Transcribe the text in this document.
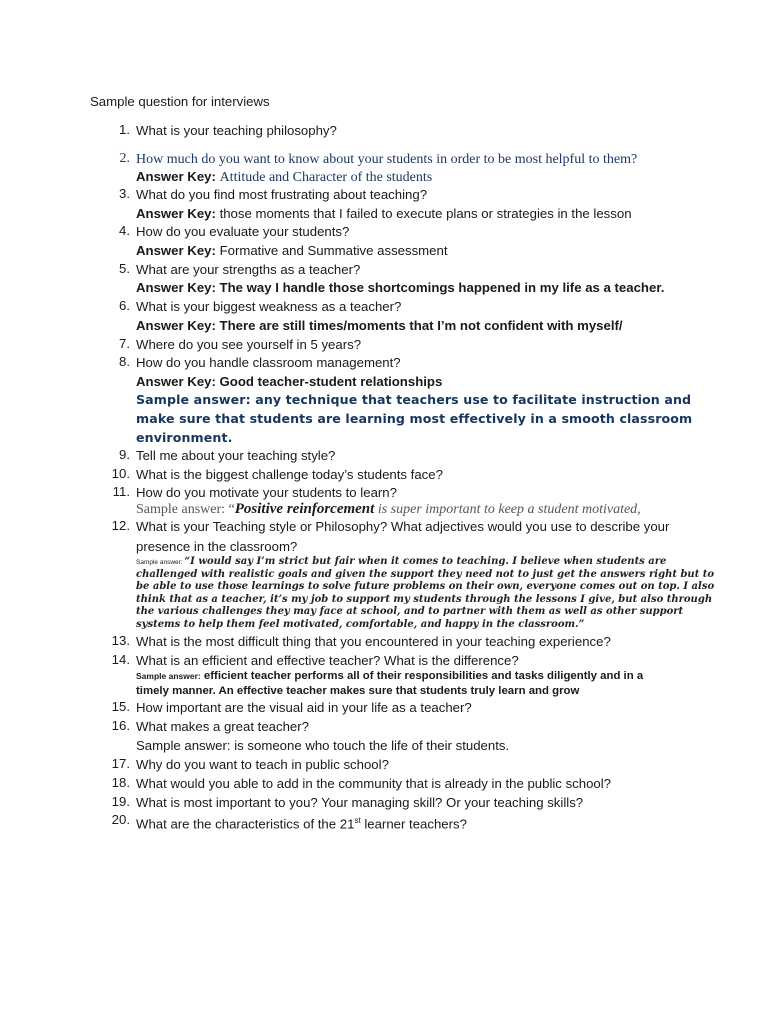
Sample question for interviews
1. What is your teaching philosophy?
2. How much do you want to know about your students in order to be most helpful to them?
Answer Key: Attitude and Character of the students
3. What do you find most frustrating about teaching?
Answer Key: those moments that I failed to execute plans or strategies in the lesson
4. How do you evaluate your students?
Answer Key: Formative and Summative assessment
5. What are your strengths as a teacher?
Answer Key: The way I handle those shortcomings happened in my life as a teacher.
6. What is your biggest weakness as a teacher?
Answer Key: There are still times/moments that I’m not confident with myself/
7. Where do you see yourself in 5 years?
8. How do you handle classroom management?
Answer Key: Good teacher-student relationships
Sample answer: any technique that teachers use to facilitate instruction and
make sure that students are learning most effectively in a smooth classroom
environment.
9. Tell me about your teaching style?
10. What is the biggest challenge today’s students face?
11. How do you motivate your students to learn?
Sample answer: “Positive reinforcement is super important to keep a student motivated,
12. What is your Teaching style or Philosophy? What adjectives would you use to describe your
presence in the classroom?
Sample answer: “I would say I’m strict but fair when it comes to teaching. I believe when students are
challenged with realistic goals and given the support they need not to just get the answers right but to
be able to use those learnings to solve future problems on their own, everyone comes out on top. I also
think that as a teacher, it’s my job to support my students through the lessons I give, but also through
the various challenges they may face at school, and to partner with them as well as other support
systems to help them feel motivated, comfortable, and happy in the classroom.”
13. What is the most difficult thing that you encountered in your teaching experience?
14. What is an efficient and effective teacher? What is the difference?
Sample answer: efficient teacher performs all of their responsibilities and tasks diligently and in a
timely manner. An effective teacher makes sure that students truly learn and grow
15. How important are the visual aid in your life as a teacher?
16. What makes a great teacher?
Sample answer: is someone who touch the life of their students.
17. Why do you want to teach in public school?
18. What would you able to add in the community that is already in the public school?
19. What is most important to you? Your managing skill? Or your teaching skills?
20. What are the characteristics of the 21st learner teachers?
